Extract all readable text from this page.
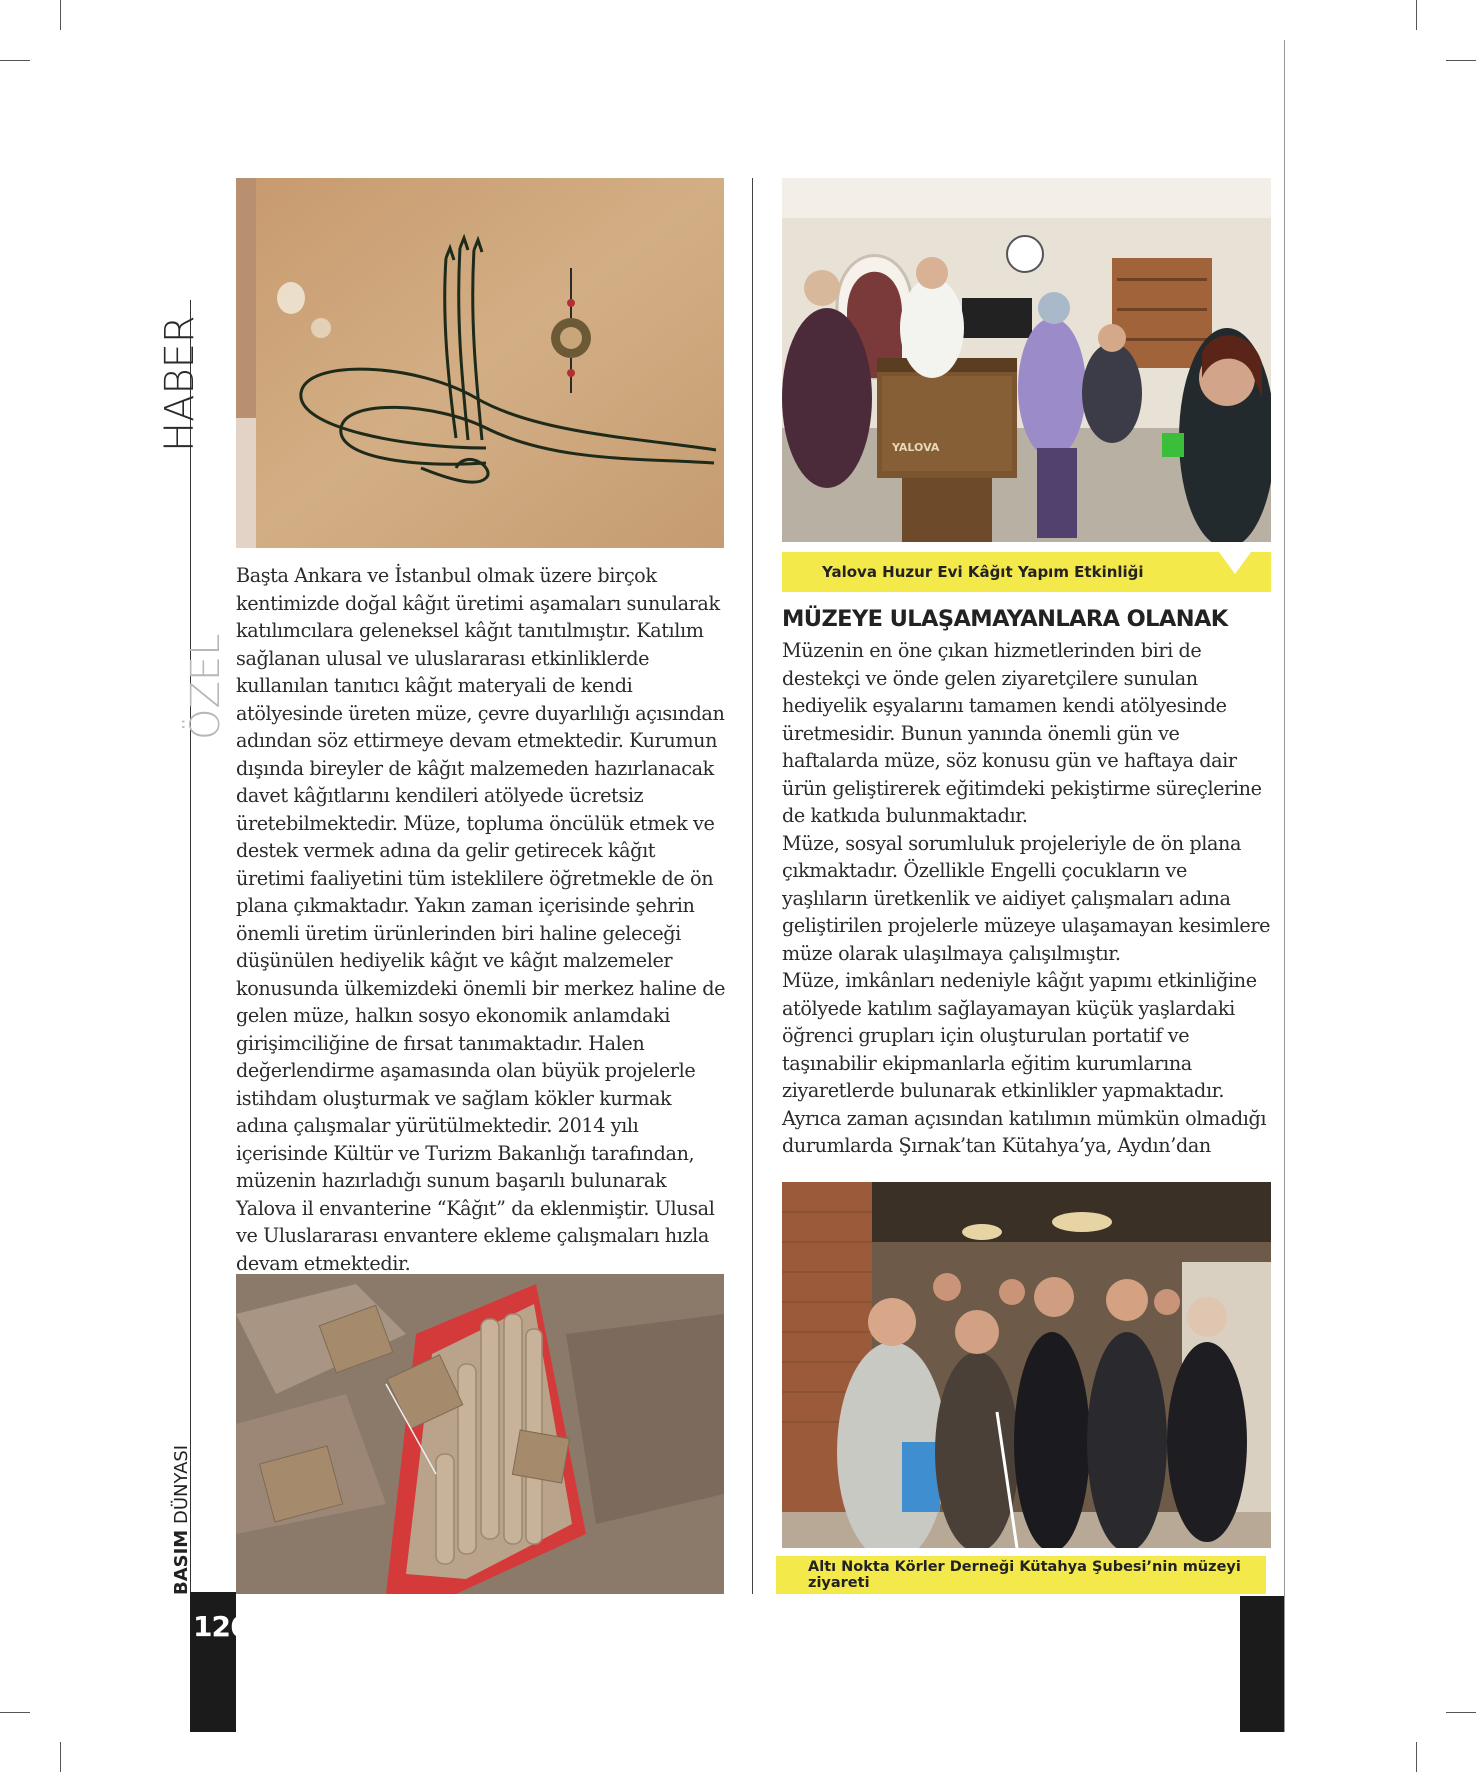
HABER
ÖZEL
BASIM DÜNYASI
126
YALOVA
Yalova Huzur Evi Kâğıt Yapım Etkinliği
MÜZEYE ULAŞAMAYANLARA OLANAK

Başta Ankara ve İstanbul olmak üzere birçok kentimizde doğal kâğıt üretimi aşamaları sunularak katılımcılara geleneksel kâğıt tanıtılmıştır. Katılım sağlanan ulusal ve uluslararası etkinliklerde kullanılan tanıtıcı kâğıt materyali de kendi atölyesinde üreten müze, çevre duyarlılığı açısından adından söz ettirmeye devam etmektedir. Kurumun dışında bireyler de kâğıt malzemeden hazırlanacak davet kâğıtlarını kendileri atölyede ücretsiz üretebilmektedir. Müze, topluma öncülük etmek ve destek vermek adına da gelir getirecek kâğıt üretimi faaliyetini tüm isteklilere öğretmekle de ön plana çıkmaktadır. Yakın zaman içerisinde şehrin önemli üretim ürünlerinden biri haline geleceği düşünülen hediyelik kâğıt ve kâğıt malzemeler konusunda ülkemizdeki önemli bir merkez haline de gelen müze, halkın sosyo ekonomik anlamdaki girişimciliğine de fırsat tanımaktadır. Halen değerlendirme aşamasında olan büyük projelerle istihdam oluşturmak ve sağlam kökler kurmak adına çalışmalar yürütülmektedir. 2014 yılı içerisinde Kültür ve Turizm Bakanlığı tarafından, müzenin hazırladığı sunum başarılı bulunarak Yalova il envanterine “Kâğıt” da eklenmiştir. Ulusal ve Uluslararası envantere ekleme çalışmaları hızla devam etmektedir.

Müzenin en öne çıkan hizmetlerinden biri de destekçi ve önde gelen ziyaretçilere sunulan hediyelik eşyalarını tamamen kendi atölyesinde üretmesidir. Bunun yanında önemli gün ve haftalarda müze, söz konusu gün ve haftaya dair ürün geliştirerek eğitimdeki pekiştirme süreçlerine de katkıda bulunmaktadır.

Müze, sosyal sorumluluk projeleriyle de ön plana çıkmaktadır. Özellikle Engelli çocukların ve yaşlıların üretkenlik ve aidiyet çalışmaları adına geliştirilen projelerle müzeye ulaşamayan kesimlere müze olarak ulaşılmaya çalışılmıştır.

Müze, imkânları nedeniyle kâğıt yapımı etkinliğine atölyede katılım sağlayamayan küçük yaşlardaki öğrenci grupları için oluşturulan portatif ve taşınabilir ekipmanlarla eğitim kurumlarına ziyaretlerde bulunarak etkinlikler yapmaktadır. Ayrıca zaman açısından katılımın mümkün olmadığı durumlarda Şırnak’tan Kütahya’ya, Aydın’dan

Altı Nokta Körler Derneği Kütahya Şubesi’nin müzeyi ziyareti
